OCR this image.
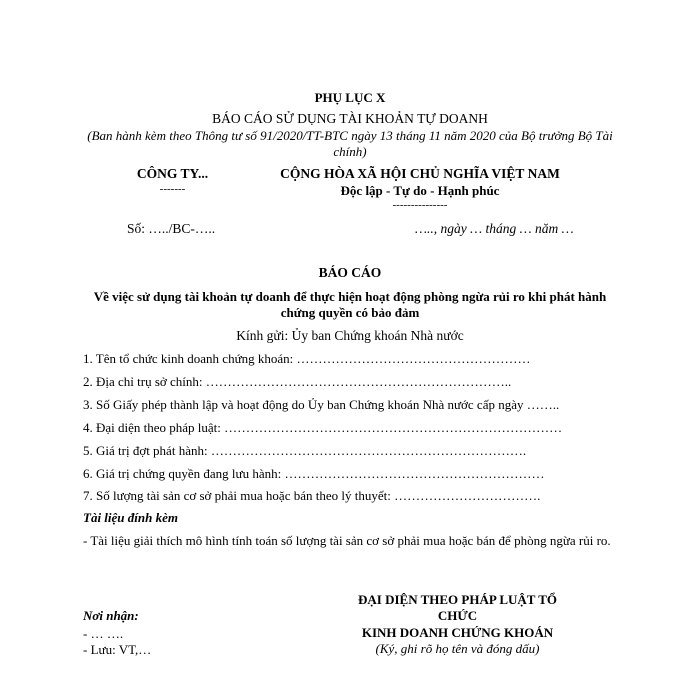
PHỤ LỤC X
BÁO CÁO SỬ DỤNG TÀI KHOẢN TỰ DOANH
(Ban hành kèm theo Thông tư số 91/2020/TT-BTC ngày 13 tháng 11 năm 2020 của Bộ trưởng Bộ Tài chính)
CÔNG TY...
-------
Số: …../BC-…..
CỘNG HÒA XÃ HỘI CHỦ NGHĨA VIỆT NAM
Độc lập - Tự do - Hạnh phúc
---------------
….., ngày … tháng … năm …
BÁO CÁO
Về việc sử dụng tài khoản tự doanh để thực hiện hoạt động phòng ngừa rủi ro khi phát hành chứng quyền có bảo đảm
Kính gửi: Ủy ban Chứng khoán Nhà nước
1. Tên tổ chức kinh doanh chứng khoán: ………………………………………………
2. Địa chỉ trụ sở chính: ……………………………………………………………..
3. Số Giấy phép thành lập và hoạt động do Ủy ban Chứng khoán Nhà nước cấp ngày ……..
4. Đại diện theo pháp luật: ……………………………………………………………………
5. Giá trị đợt phát hành: ……………………………………………………………….
6. Giá trị chứng quyền đang lưu hành: ……………………………………………………
7. Số lượng tài sản cơ sở phải mua hoặc bán theo lý thuyết: …………………………….
Tài liệu đính kèm
- Tài liệu giải thích mô hình tính toán số lượng tài sản cơ sở phải mua hoặc bán để phòng ngừa rủi ro.
Nơi nhận:
- … ….
- Lưu: VT,…
ĐẠI DIỆN THEO PHÁP LUẬT TỔ CHỨC
KINH DOANH CHỨNG KHOÁN
(Ký, ghi rõ họ tên và đóng dấu)
